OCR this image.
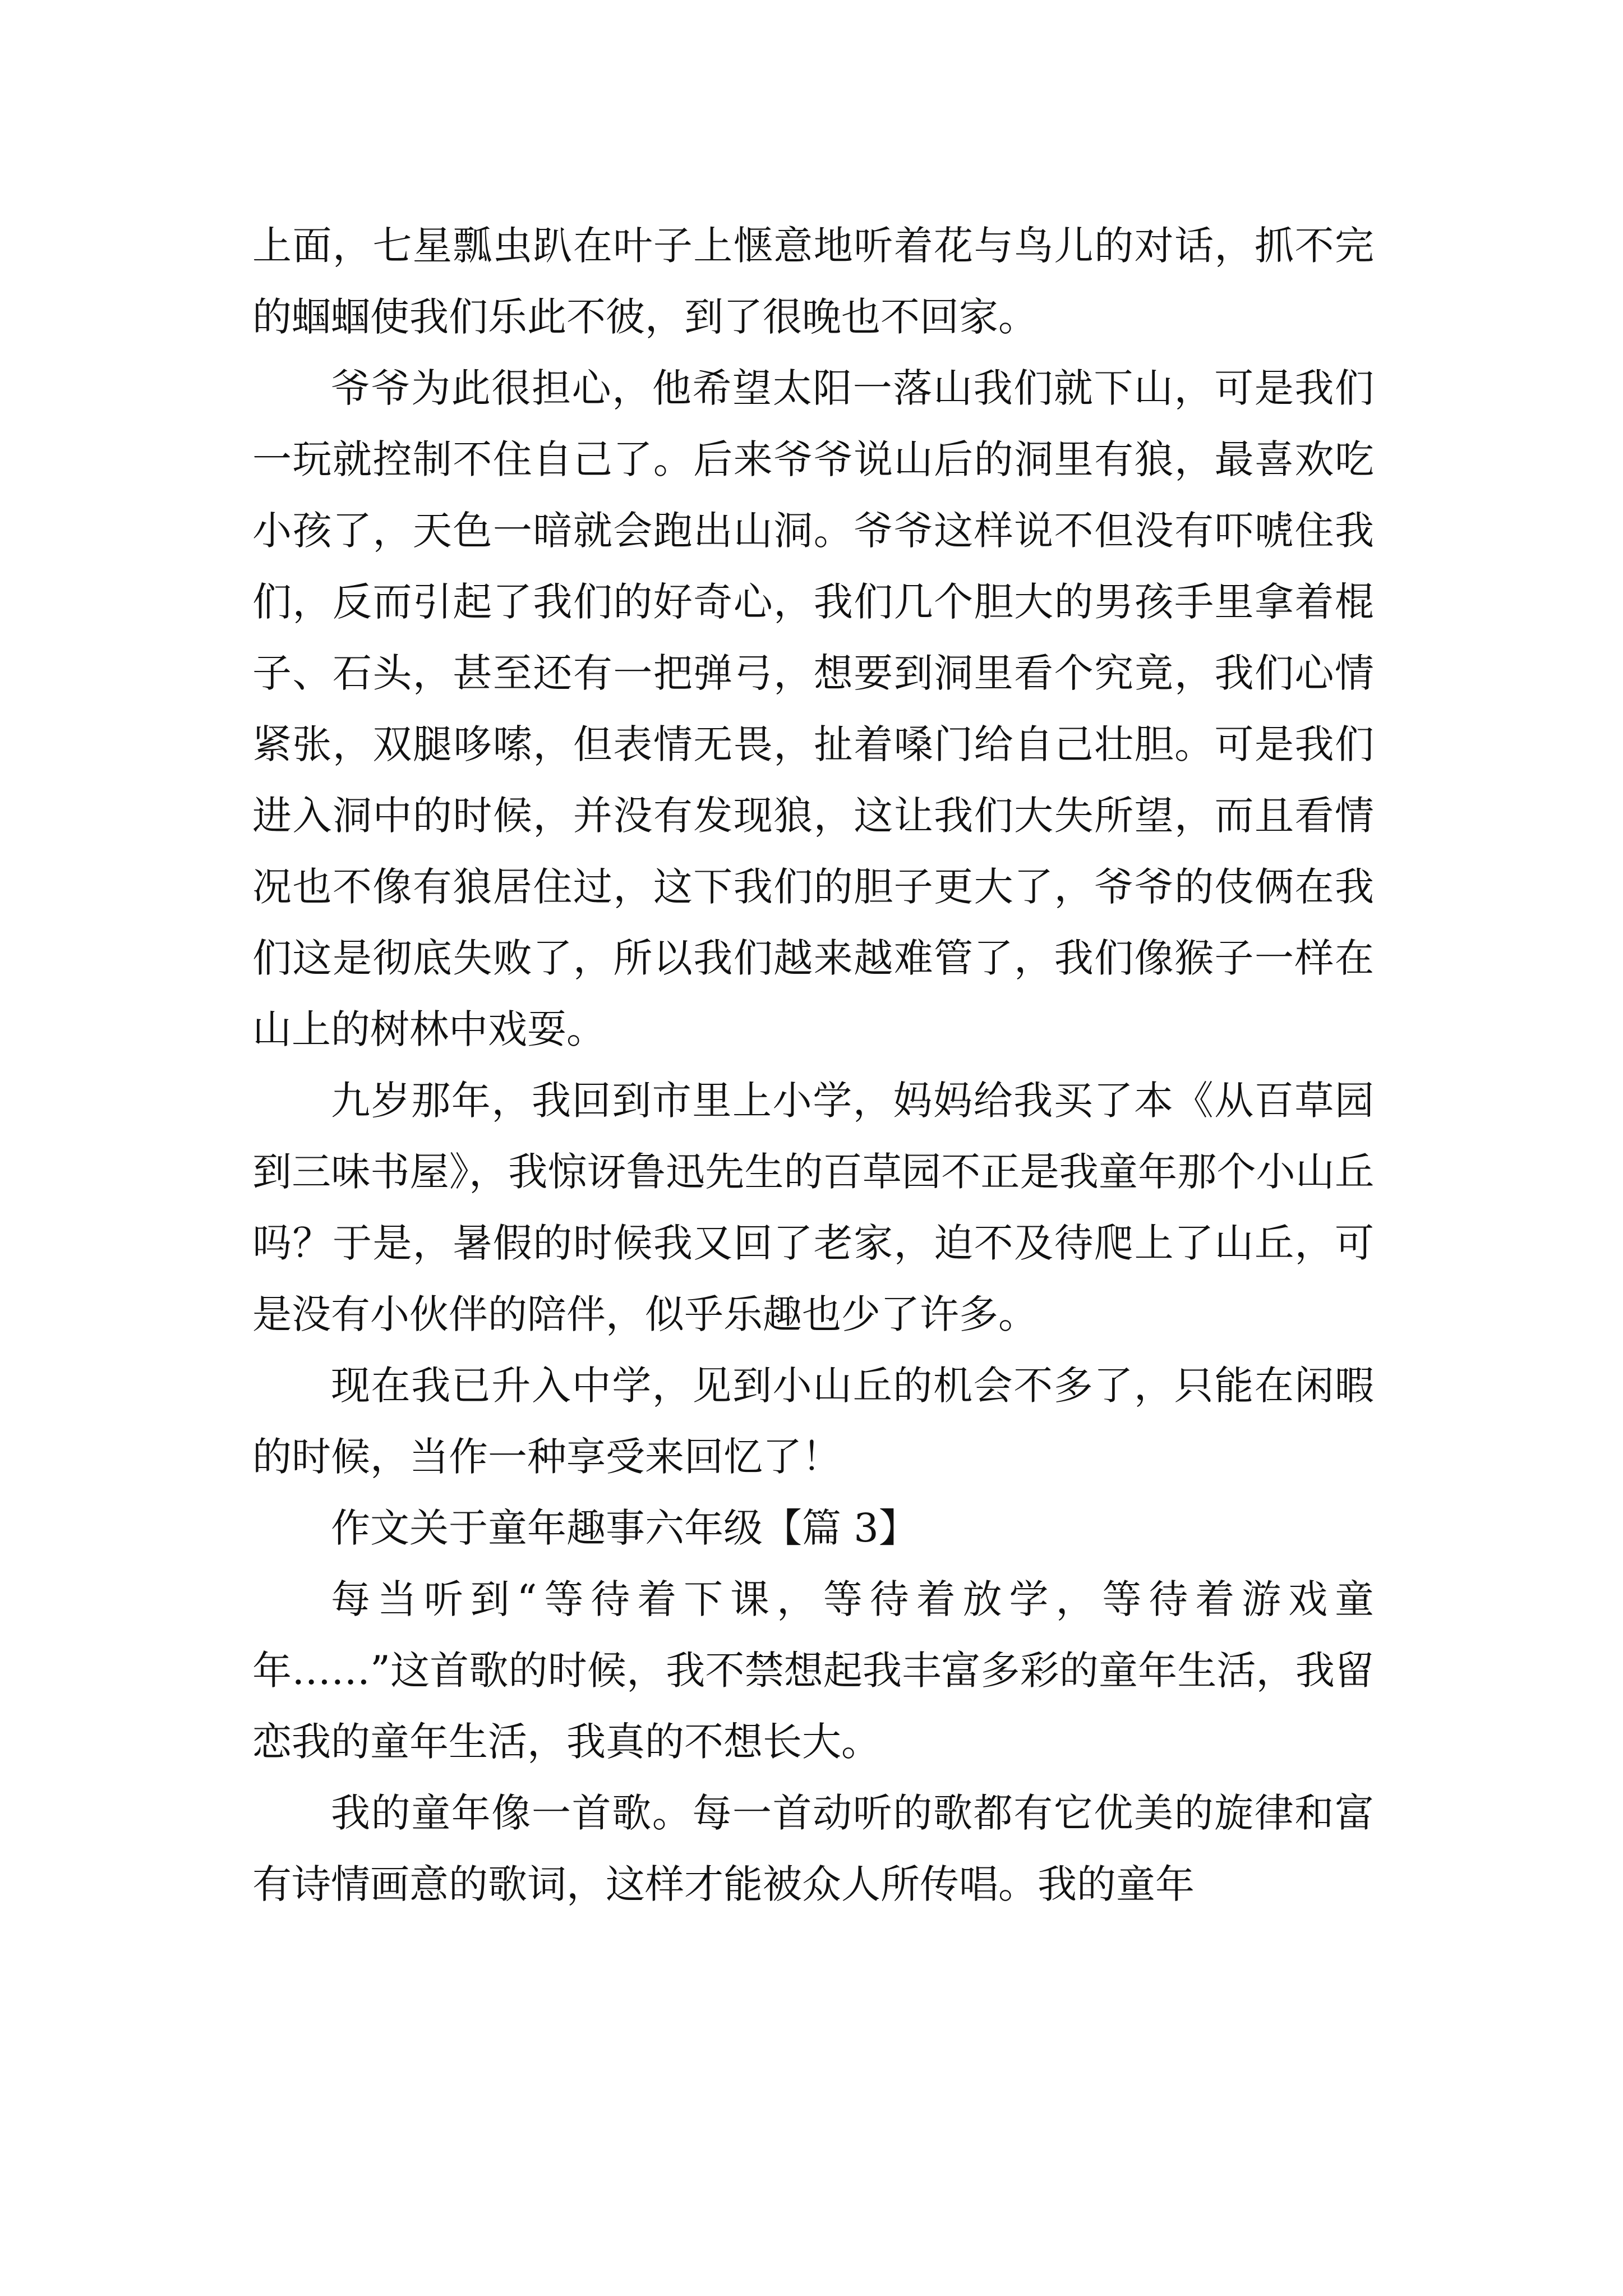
上面，七星瓢虫趴在叶子上惬意地听着花与鸟儿的对话，抓不完的蝈蝈使我们乐此不彼，到了很晚也不回家。

爷爷为此很担心，他希望太阳一落山我们就下山，可是我们一玩就控制不住自己了。后来爷爷说山后的洞里有狼，最喜欢吃小孩了，天色一暗就会跑出山洞。爷爷这样说不但没有吓唬住我们，反而引起了我们的好奇心，我们几个胆大的男孩手里拿着棍子、石头，甚至还有一把弹弓，想要到洞里看个究竟，我们心情紧张，双腿哆嗦，但表情无畏，扯着嗓门给自己壮胆。可是我们进入洞中的时候，并没有发现狼，这让我们大失所望，而且看情况也不像有狼居住过，这下我们的胆子更大了，爷爷的伎俩在我们这是彻底失败了，所以我们越来越难管了，我们像猴子一样在山上的树林中戏耍。

九岁那年，我回到市里上小学，妈妈给我买了本《从百草园到三味书屋》，我惊讶鲁迅先生的百草园不正是我童年那个小山丘吗？于是，暑假的时候我又回了老家，迫不及待爬上了山丘，可是没有小伙伴的陪伴，似乎乐趣也少了许多。

现在我已升入中学，见到小山丘的机会不多了，只能在闲暇的时候，当作一种享受来回忆了！

作文关于童年趣事六年级【篇 3】

每当听到“等待着下课，等待着放学，等待着游戏童年……”这首歌的时候，我不禁想起我丰富多彩的童年生活，我留恋我的童年生活，我真的不想长大。

我的童年像一首歌。每一首动听的歌都有它优美的旋律和富有诗情画意的歌词，这样才能被众人所传唱。我的童年
